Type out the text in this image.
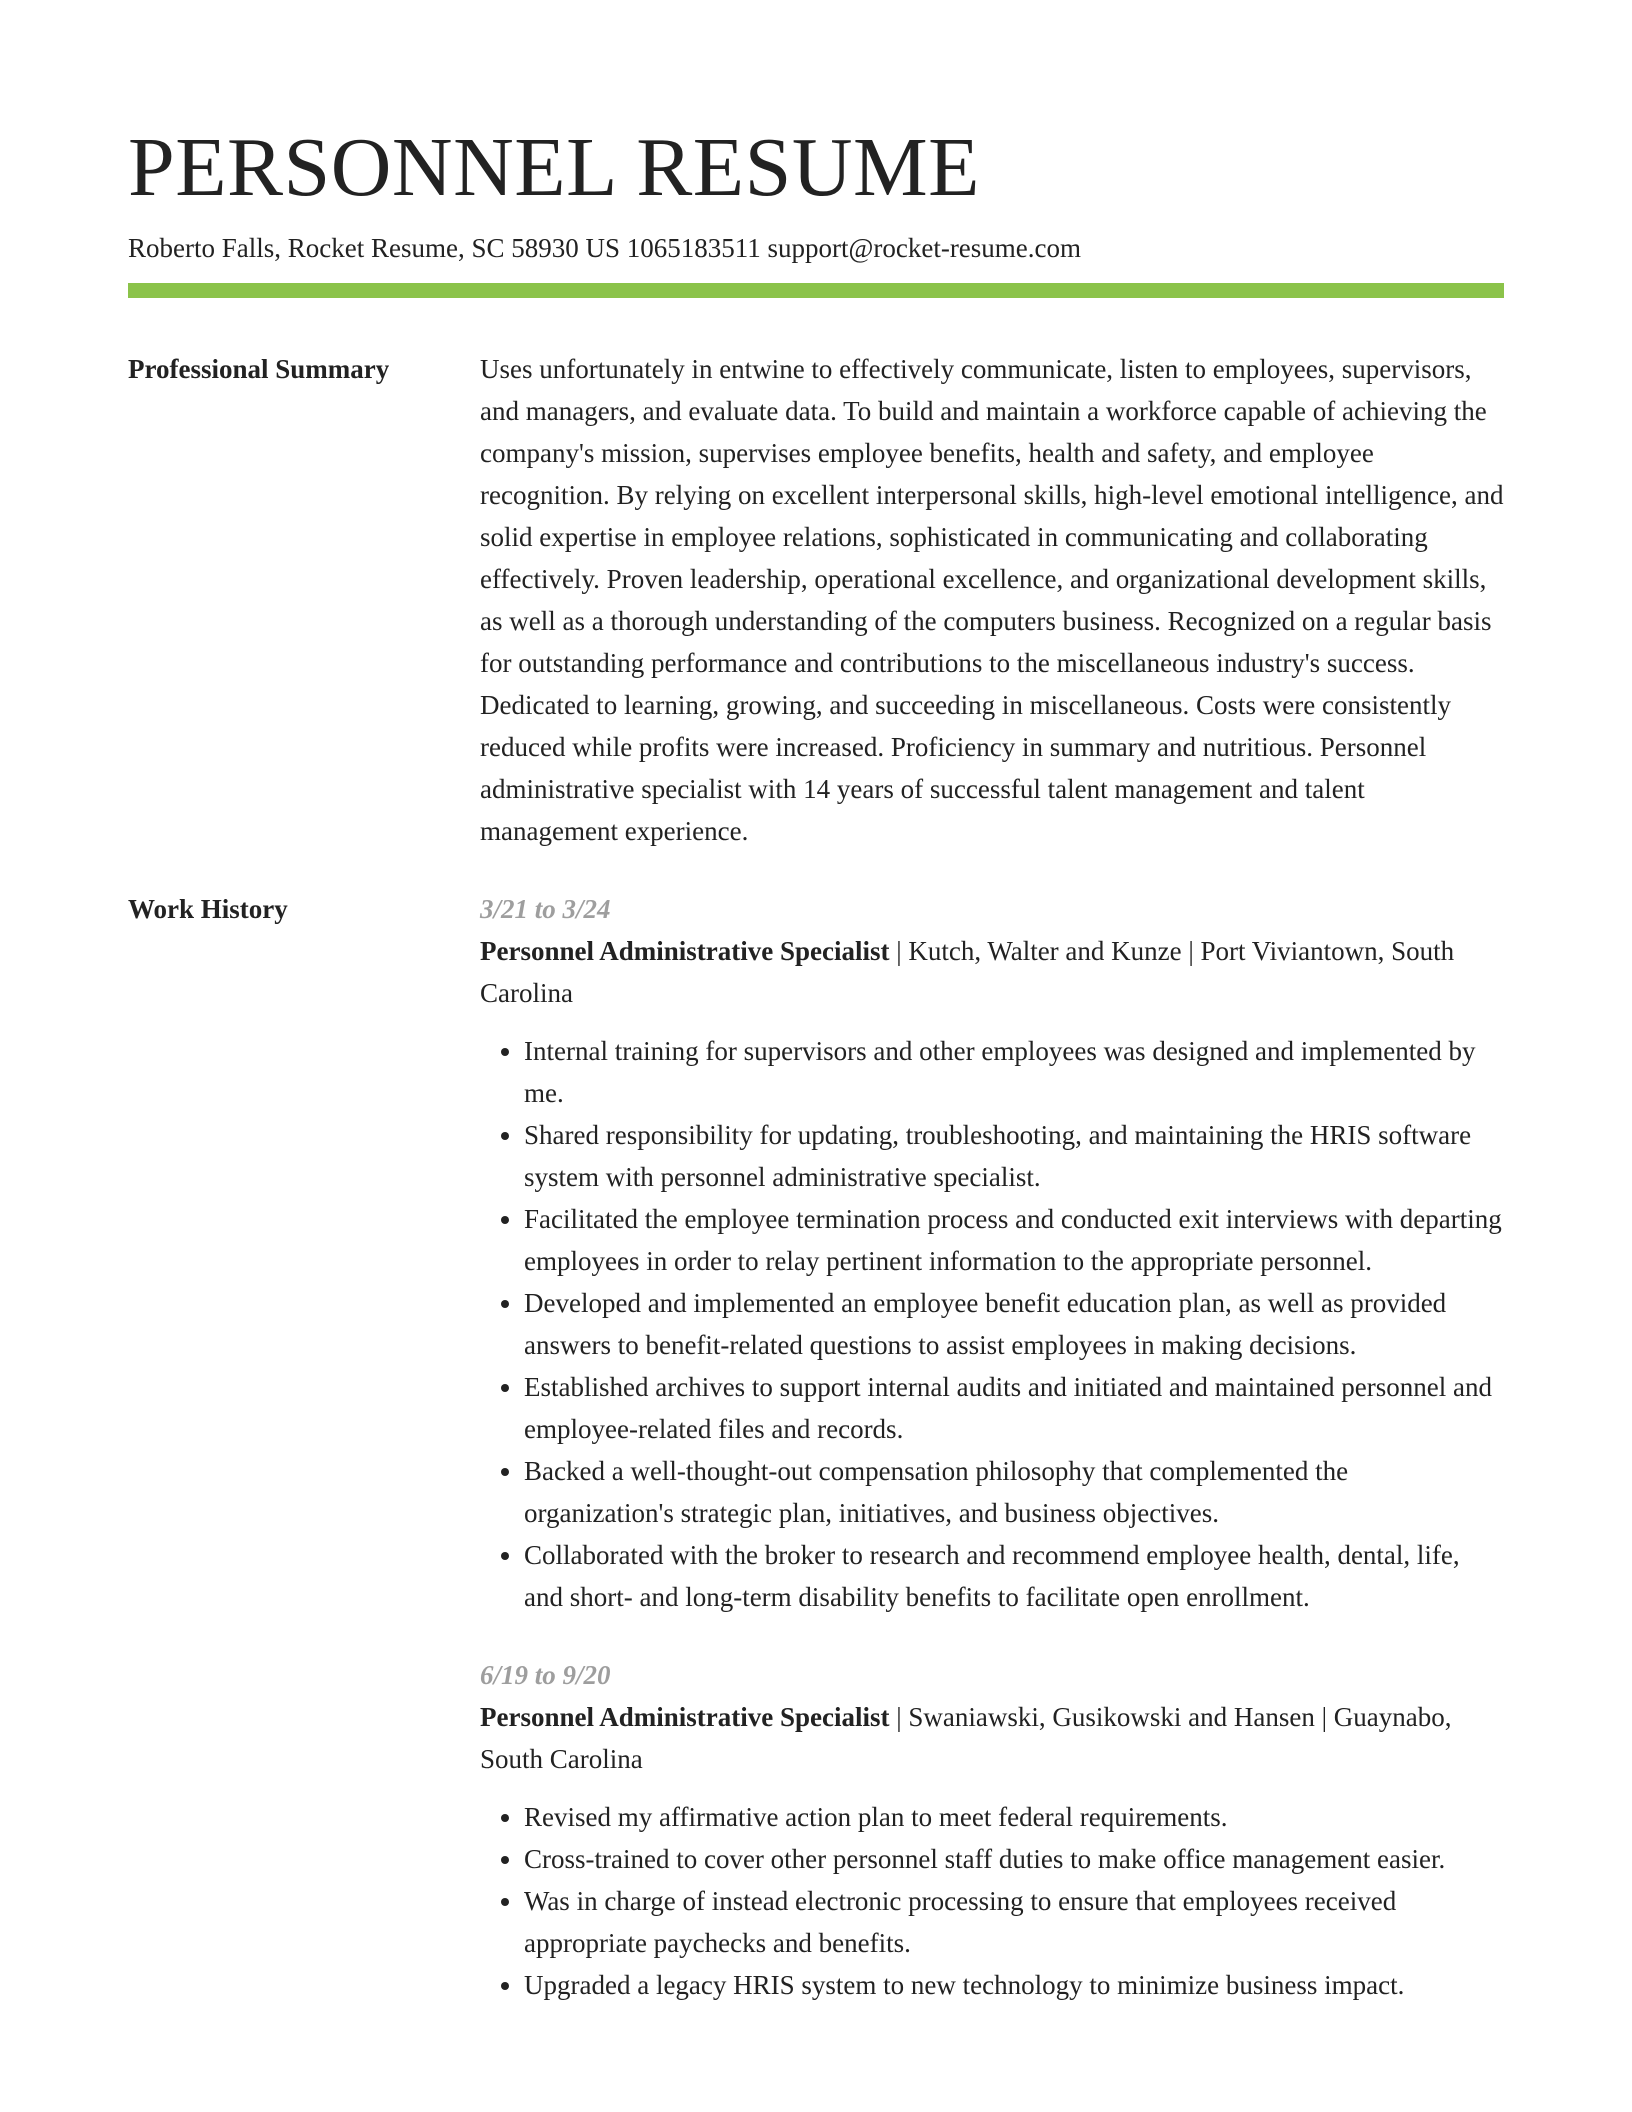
PERSONNEL RESUME
Roberto Falls, Rocket Resume, SC 58930 US 1065183511 support@rocket-resume.com
Professional Summary	Uses unfortunately in entwine to effectively communicate, listen to employees, supervisors, and managers, and evaluate data. To build and maintain a workforce capable of achieving the company's mission, supervises employee benefits, health and safety, and employee recognition. By relying on excellent interpersonal skills, high-level emotional intelligence, and solid expertise in employee relations, sophisticated in communicating and collaborating effectively. Proven leadership, operational excellence, and organizational development skills, as well as a thorough understanding of the computers business. Recognized on a regular basis for outstanding performance and contributions to the miscellaneous industry's success. Dedicated to learning, growing, and succeeding in miscellaneous. Costs were consistently reduced while profits were increased. Proficiency in summary and nutritious. Personnel administrative specialist with 14 years of successful talent management and talent management experience.

Work History	3/21 to 3/24
Personnel Administrative Specialist | Kutch, Walter and Kunze | Port Viviantown, South Carolina
• Internal training for supervisors and other employees was designed and implemented by me.
• Shared responsibility for updating, troubleshooting, and maintaining the HRIS software system with personnel administrative specialist.
• Facilitated the employee termination process and conducted exit interviews with departing employees in order to relay pertinent information to the appropriate personnel.
• Developed and implemented an employee benefit education plan, as well as provided answers to benefit-related questions to assist employees in making decisions.
• Established archives to support internal audits and initiated and maintained personnel and employee-related files and records.
• Backed a well-thought-out compensation philosophy that complemented the organization's strategic plan, initiatives, and business objectives.
• Collaborated with the broker to research and recommend employee health, dental, life, and short- and long-term disability benefits to facilitate open enrollment.
6/19 to 9/20
Personnel Administrative Specialist | Swaniawski, Gusikowski and Hansen | Guaynabo, South Carolina
• Revised my affirmative action plan to meet federal requirements.
• Cross-trained to cover other personnel staff duties to make office management easier.
• Was in charge of instead electronic processing to ensure that employees received appropriate paychecks and benefits.
• Upgraded a legacy HRIS system to new technology to minimize business impact.
